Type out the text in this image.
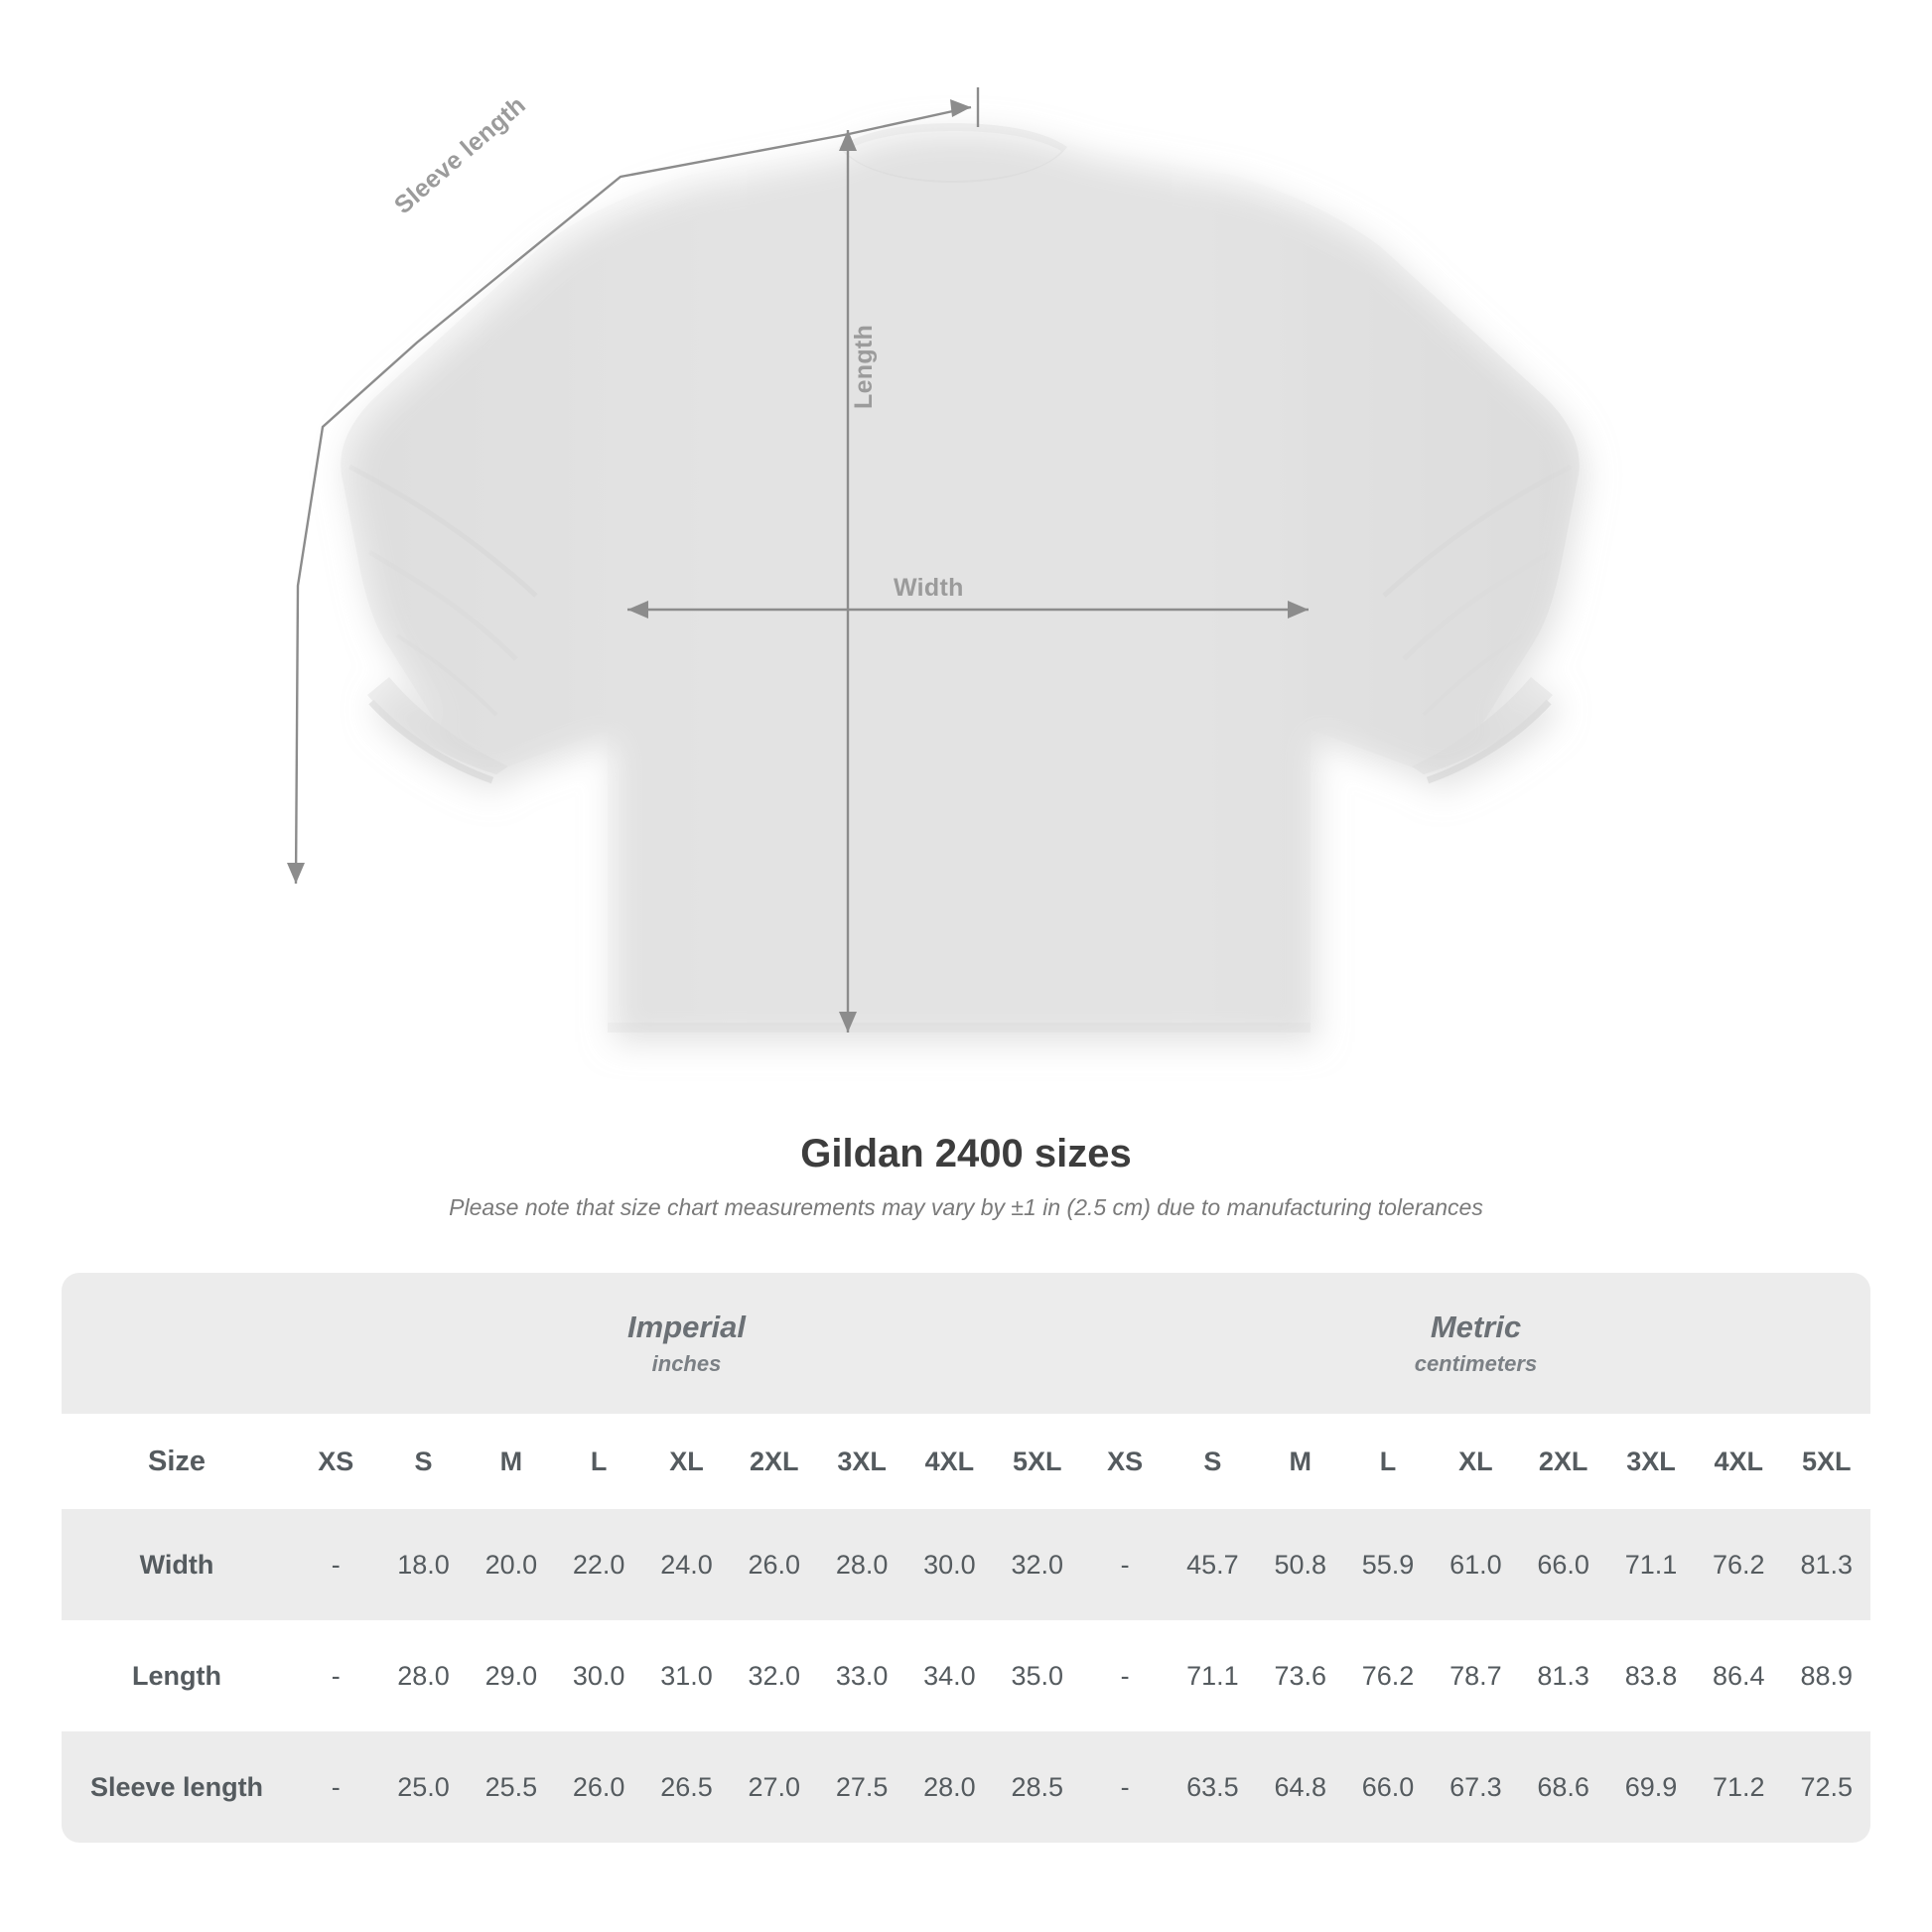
Length
Width
Sleeve length
Gildan 2400 sizes

Please note that size chart measurements may vary by ±1 in (2.5 cm) due to manufacturing tolerances

	Imperial
inches									Metric
centimeters								

Size	XS	S	M	L	XL	2XL	3XL	4XL	5XL	XS	S	M	L	XL	2XL	3XL	4XL	5XL
Width	-	18.0	20.0	22.0	24.0	26.0	28.0	30.0	32.0	-	45.7	50.8	55.9	61.0	66.0	71.1	76.2	81.3
Length	-	28.0	29.0	30.0	31.0	32.0	33.0	34.0	35.0	-	71.1	73.6	76.2	78.7	81.3	83.8	86.4	88.9
Sleeve length	-	25.0	25.5	26.0	26.5	27.0	27.5	28.0	28.5	-	63.5	64.8	66.0	67.3	68.6	69.9	71.2	72.5
